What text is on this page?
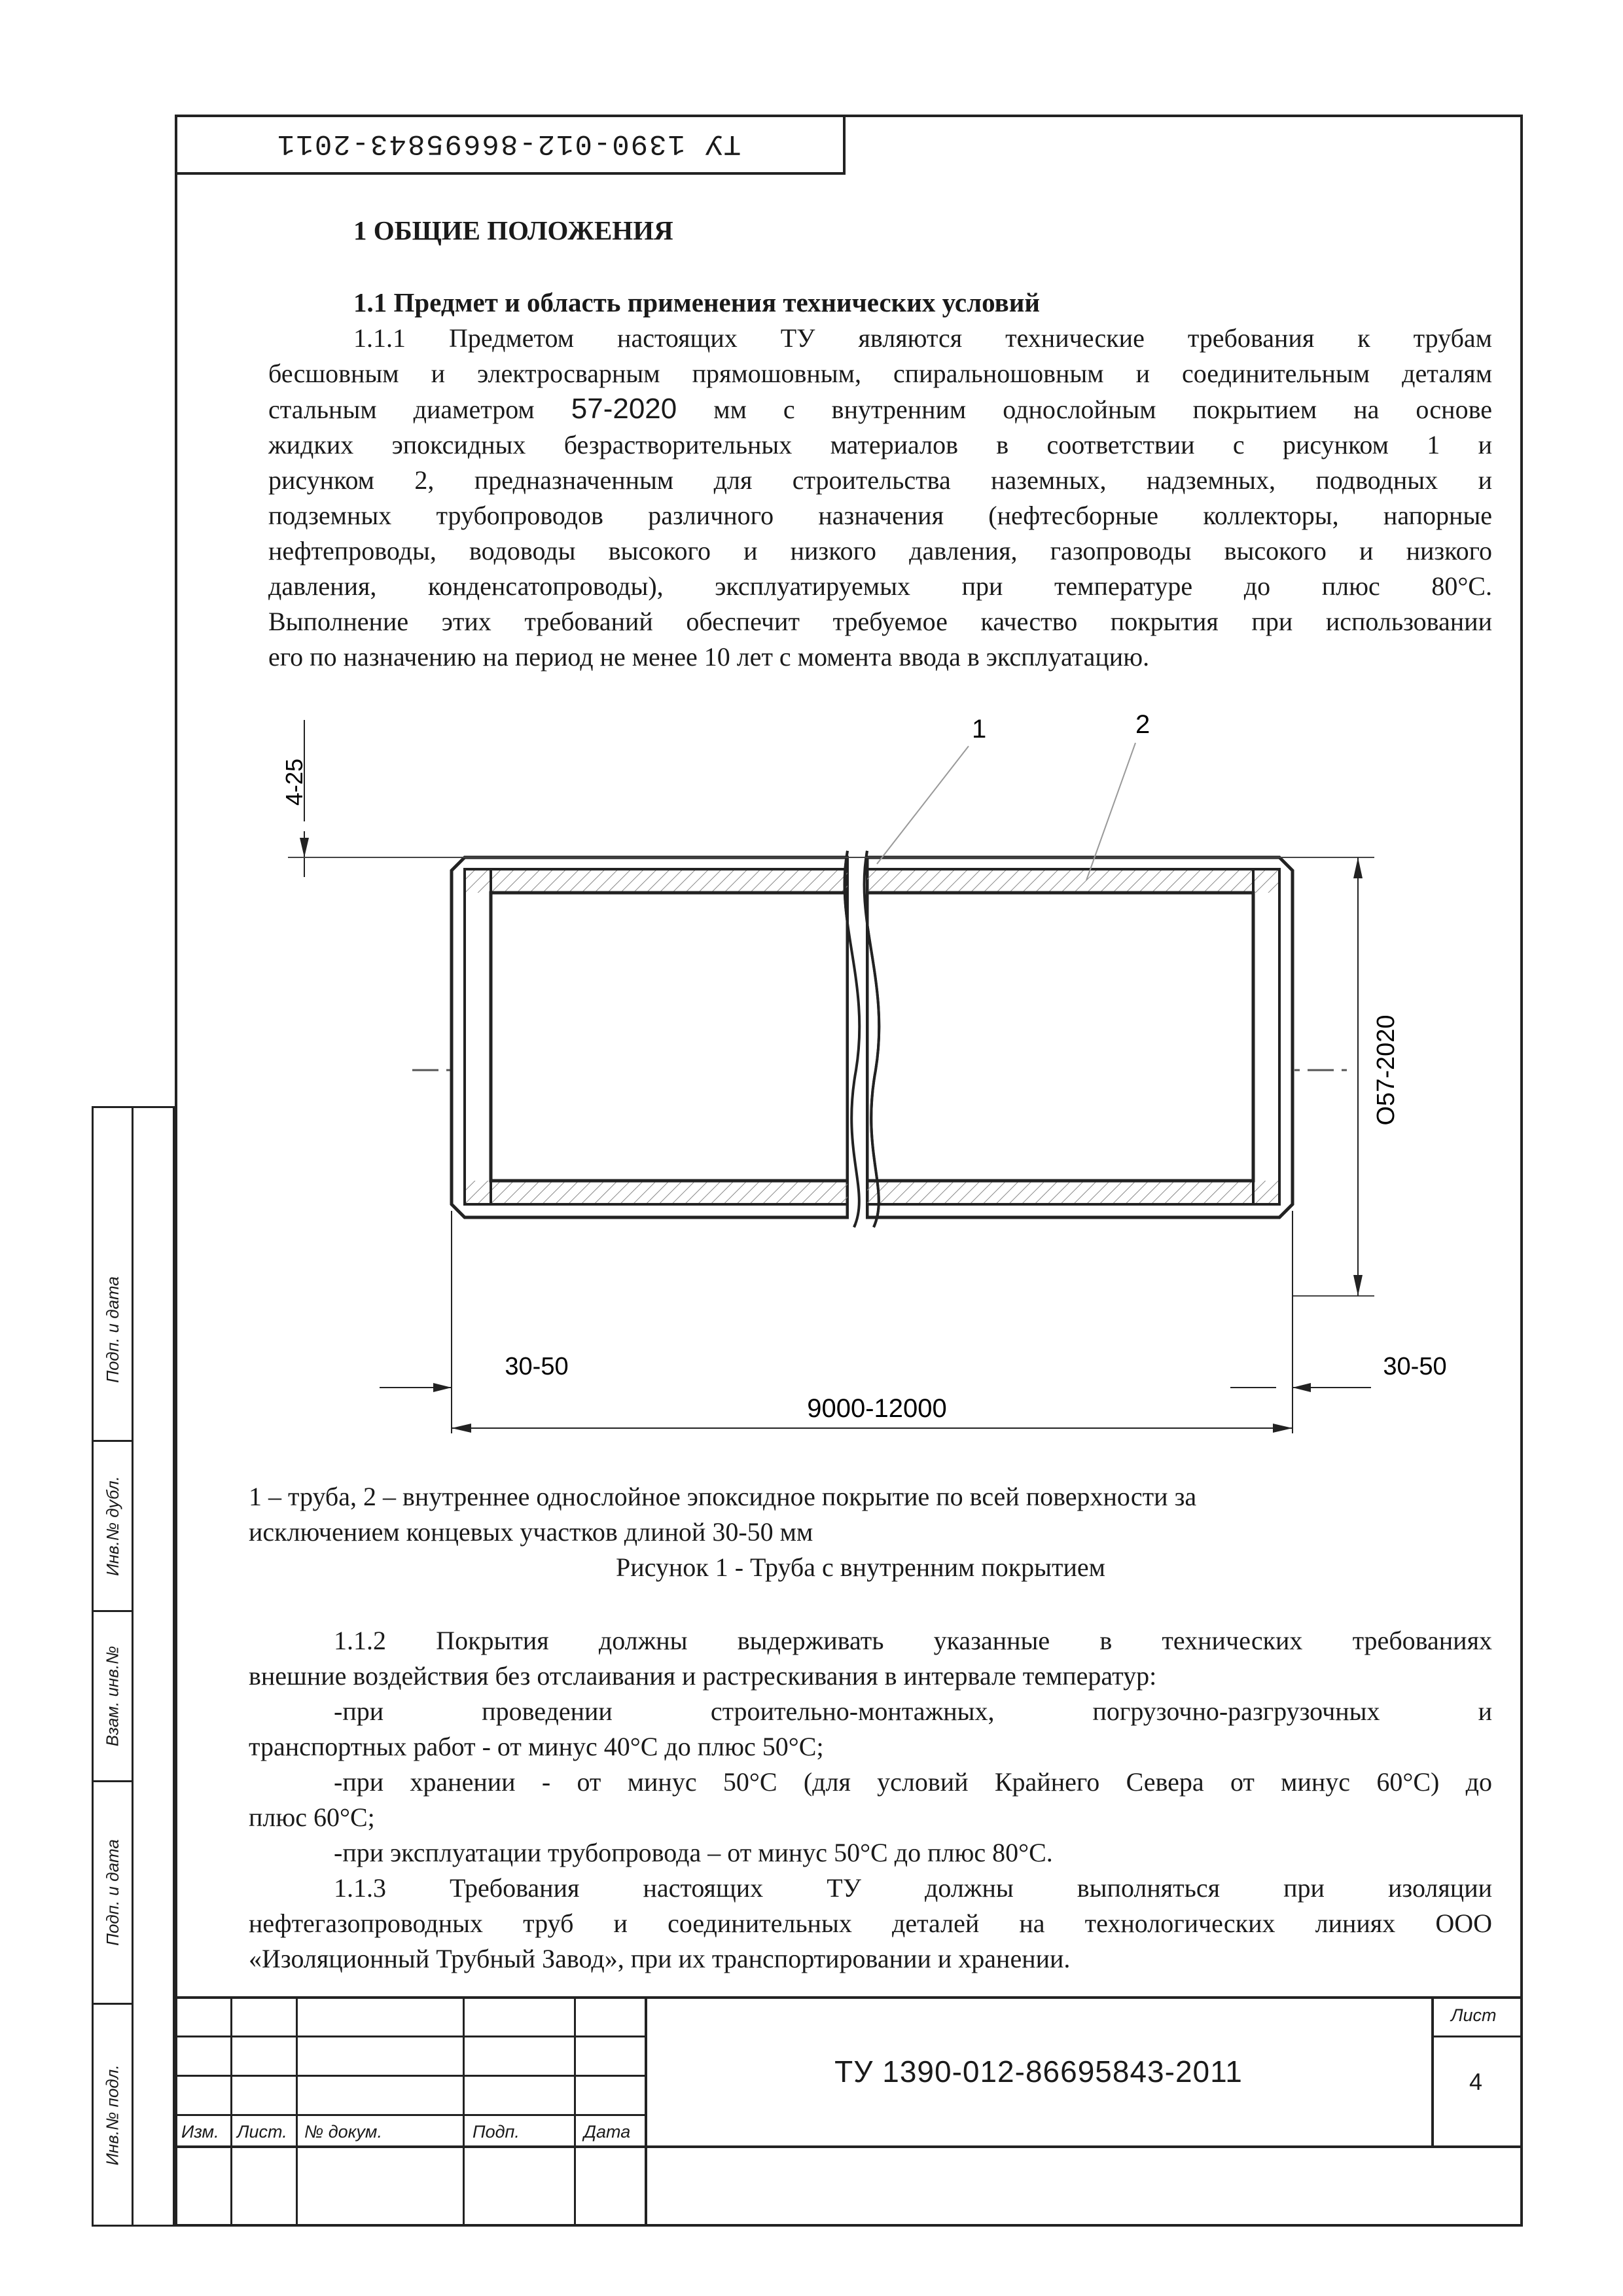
ТУ 1390-012-86695843-2011
1 ОБЩИЕ ПОЛОЖЕНИЯ
1.1 Предмет и область применения технических условий

1.1.1 Предметом настоящих ТУ являются технические требования к трубам

бесшовным и электросварным прямошовным, спиральношовным и соединительным деталям

стальным диаметром 57-2020 мм с внутренним однослойным покрытием на основе

жидких эпоксидных безрастворительных материалов в соответствии с рисунком 1 и

рисунком 2, предназначенным для строительства наземных, надземных, подводных и

подземных трубопроводов различного назначения (нефтесборные коллекторы, напорные

нефтепроводы, водоводы высокого и низкого давления, газопроводы высокого и низкого

давления, конденсатопроводы), эксплуатируемых при температуре до плюс 80°С.

Выполнение этих требований обеспечит требуемое качество покрытия при использовании

его по назначению на период не менее 10 лет с момента ввода в эксплуатацию.

4-25
1	2
О57-2020
30-50	30-50
9000-12000

1 – труба, 2 – внутреннее однослойное эпоксидное покрытие по всей поверхности за

исключением концевых участков длиной 30-50 мм

Рисунок 1 - Труба с внутренним покрытием

1.1.2 Покрытия должны выдерживать указанные в технических требованиях

внешние воздействия без отслаивания и растрескивания в интервале температур:

-при проведении строительно-монтажных, погрузочно-разгрузочных и

транспортных работ - от минус 40°С до плюс 50°С;

-при хранении - от минус 50°С (для условий Крайнего Севера от минус 60°С) до

плюс 60°С;

-при эксплуатации трубопровода – от минус 50°С до плюс 80°С.

1.1.3 Требования настоящих ТУ должны выполняться при изоляции

нефтегазопроводных труб и соединительных деталей на технологических линиях ООО

«Изоляционный Трубный Завод», при их транспортировании и хранении.

Инв.№ подл.
Подп. и дата
Взам. инв.№
Инв.№ дубл.
Подп. и дата
Изм. Лист. № докум.	Подп.	Дата
ТУ 1390-012-86695843-2011
Лист
4
